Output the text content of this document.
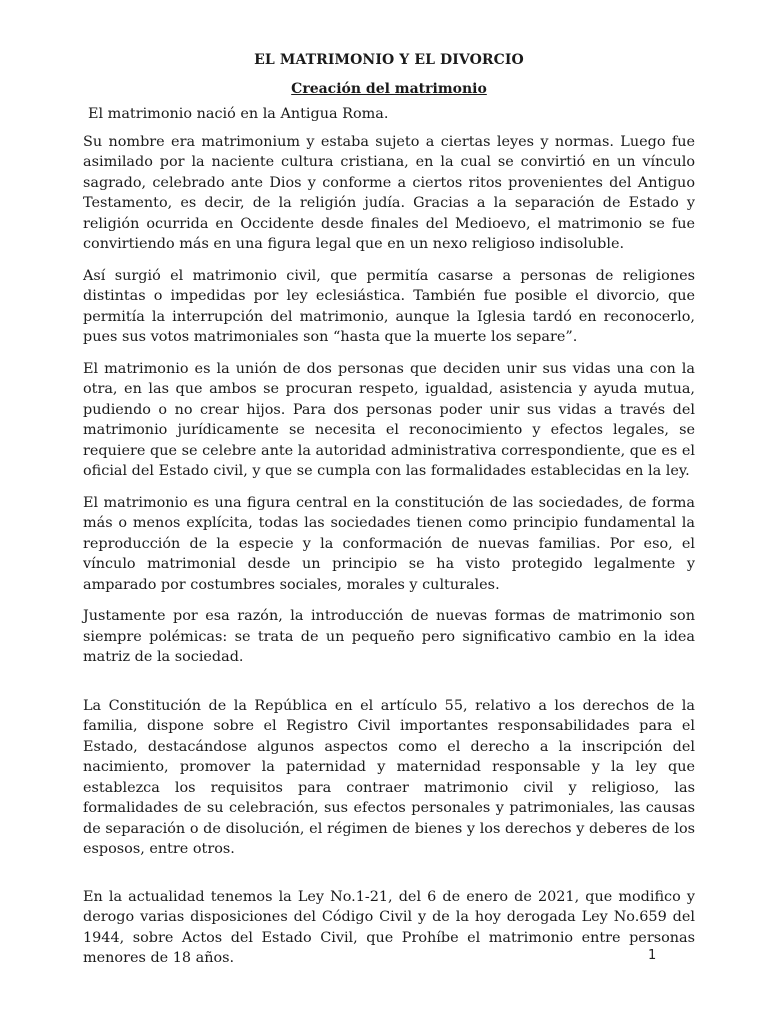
EL MATRIMONIO Y EL DIVORCIO
Creación del matrimonio

El matrimonio nació en la Antigua Roma.

Su nombre era matrimonium y estaba sujeto a ciertas leyes y normas. Luego fue asimilado por la naciente cultura cristiana, en la cual se convirtió en un vínculo sagrado, celebrado ante Dios y conforme a ciertos ritos provenientes del Antiguo Testamento, es decir, de la religión judía. Gracias a la separación de Estado y religión ocurrida en Occidente desde finales del Medioevo, el matrimonio se fue convirtiendo más en una figura legal que en un nexo religioso indisoluble.

Así surgió el matrimonio civil, que permitía casarse a personas de religiones distintas o impedidas por ley eclesiástica. También fue posible el divorcio, que permitía la interrupción del matrimonio, aunque la Iglesia tardó en reconocerlo, pues sus votos matrimoniales son “hasta que la muerte los separe”.

El matrimonio es la unión de dos personas que deciden unir sus vidas una con la otra, en las que ambos se procuran respeto, igualdad, asistencia y ayuda mutua, pudiendo o no crear hijos. Para dos personas poder unir sus vidas a través del matrimonio jurídicamente se necesita el reconocimiento y efectos legales, se requiere que se celebre ante la autoridad administrativa correspondiente, que es el oficial del Estado civil, y que se cumpla con las formalidades establecidas en la ley.

El matrimonio es una figura central en la constitución de las sociedades, de forma más o menos explícita, todas las sociedades tienen como principio fundamental la reproducción de la especie y la conformación de nuevas familias. Por eso, el vínculo matrimonial desde un principio se ha visto protegido legalmente y amparado por costumbres sociales, morales y culturales.

Justamente por esa razón, la introducción de nuevas formas de matrimonio son siempre polémicas: se trata de un pequeño pero significativo cambio en la idea matriz de la sociedad.

La Constitución de la República en el artículo 55, relativo a los derechos de la familia, dispone sobre el Registro Civil importantes responsabilidades para el Estado, destacándose algunos aspectos como el derecho a la inscripción del nacimiento, promover la paternidad y maternidad responsable y la ley que establezca los requisitos para contraer matrimonio civil y religioso, las formalidades de su celebración, sus efectos personales y patrimoniales, las causas de separación o de disolución, el régimen de bienes y los derechos y deberes de los esposos, entre otros.

En la actualidad tenemos la Ley No.1-21, del 6 de enero de 2021, que modifico y derogo varias disposiciones del Código Civil y de la hoy derogada Ley No.659 del 1944, sobre Actos del Estado Civil, que Prohíbe el matrimonio entre personas menores de 18 años.	1
